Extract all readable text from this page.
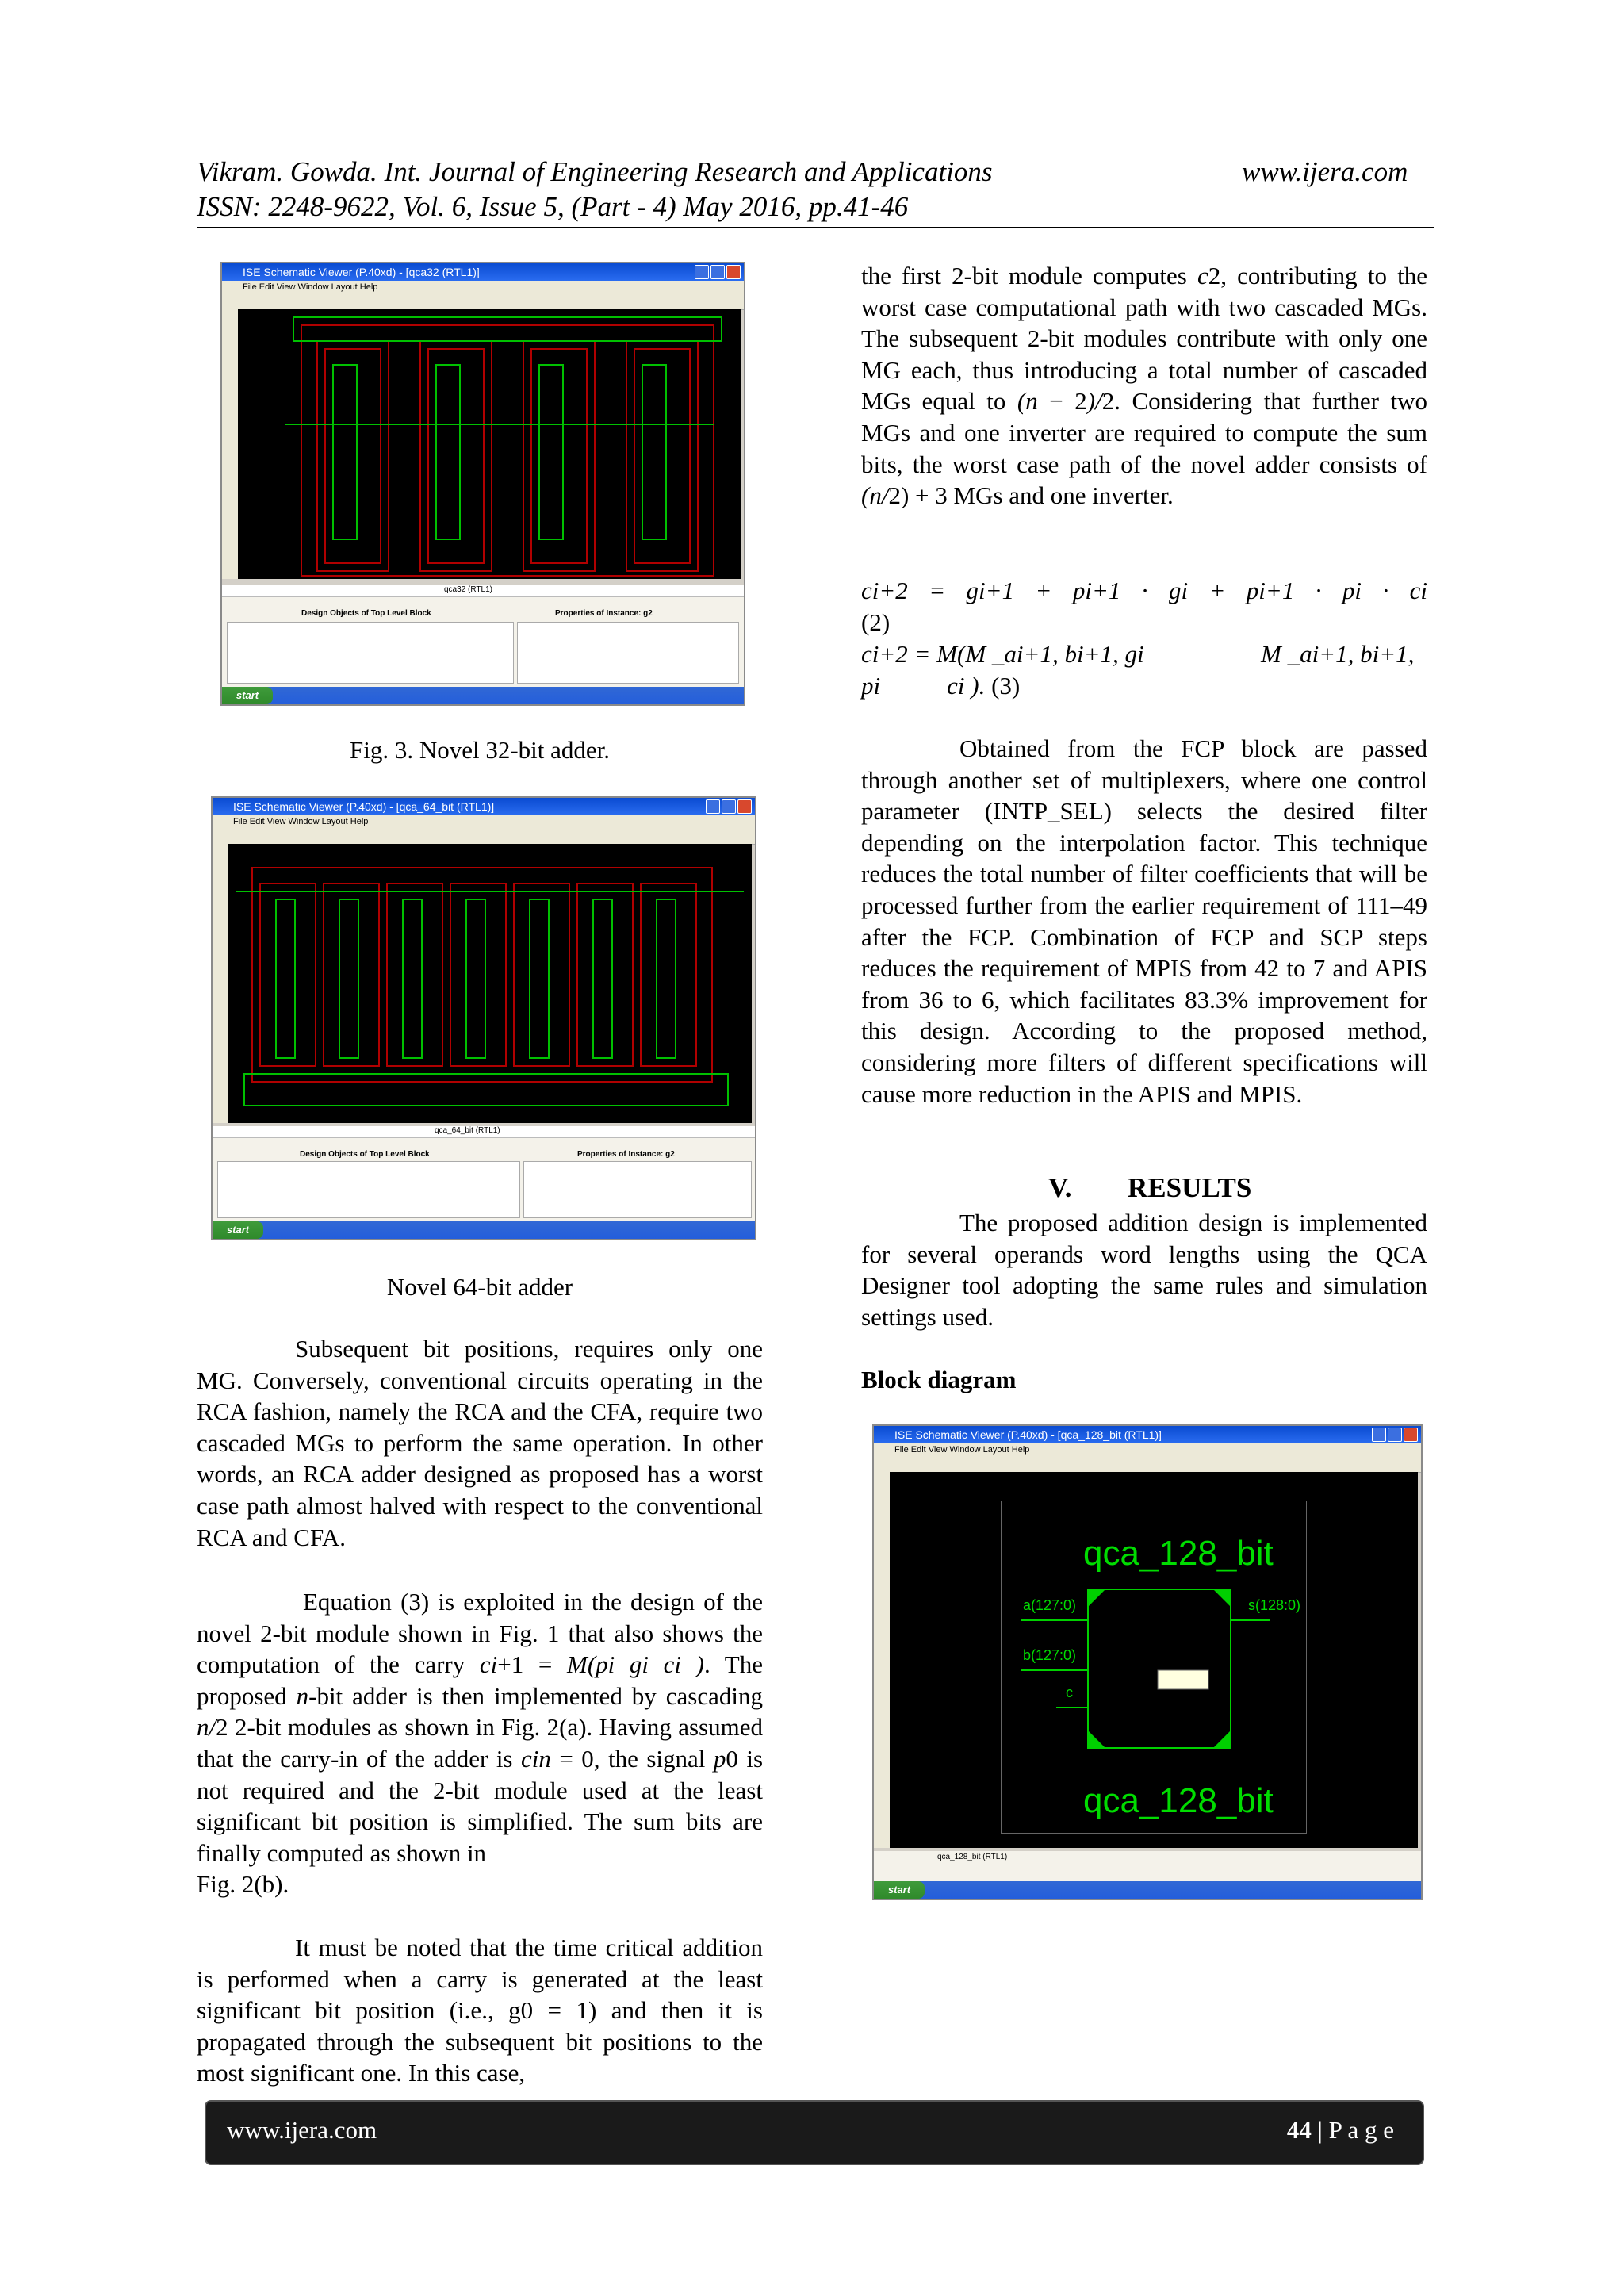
Vikram. Gowda. Int. Journal of Engineering Research and Applications	www.ijera.com
ISSN: 2248-9622, Vol. 6, Issue 5, (Part - 4) May 2016, pp.41-46
ISE Schematic Viewer (P.40xd) - [qca32 (RTL1)]
File Edit View Window Layout Help
qca32 (RTL1)
Design Objects of Top Level Block	Properties of Instance: g2
start
Fig. 3. Novel 32-bit adder.
ISE Schematic Viewer (P.40xd) - [qca_64_bit (RTL1)]
File Edit View Window Layout Help
qca_64_bit (RTL1)
Design Objects of Top Level Block	Properties of Instance: g2
start
Novel 64-bit adder

Subsequent bit positions, requires only one MG. Conversely, conventional circuits operating in the RCA fashion, namely the RCA and the CFA, require two cascaded MGs to perform the same operation. In other words, an RCA adder designed as proposed has a worst case path almost halved with respect to the conventional RCA and CFA.

Equation (3) is exploited in the design of the novel 2-bit module shown in Fig. 1 that also shows the computation of the carry ci+1 = M(pi gi ci ). The proposed n-bit adder is then implemented by cascading n/2 2-bit modules as shown in Fig. 2(a). Having assumed that the carry-in of the adder is cin = 0, the signal p0 is not required and the 2-bit module used at the least significant bit position is simplified. The sum bits are finally computed as shown in
Fig. 2(b).

It must be noted that the time critical addition is performed when a carry is generated at the least significant bit position (i.e., g0 = 1) and then it is propagated through the subsequent bit positions to the most significant one. In this case,

the first 2-bit module computes c2, contributing to the worst case computational path with two cascaded MGs. The subsequent 2-bit modules contribute with only one MG each, thus introducing a total number of cascaded MGs equal to (n − 2)/2. Considering that further two MGs and one inverter are required to compute the sum bits, the worst case path of the novel adder consists of (n/2) + 3 MGs and one inverter.

ci+2 = gi+1 + pi+1 · gi + pi+1 · pi · ci
(2)
ci+2 = M(M _ai+1, bi+1, gi	M _ai+1, bi+1,
pi	ci ). (3)

Obtained from the FCP block are passed through another set of multiplexers, where one control parameter (INTP_SEL) selects the desired filter depending on the interpolation factor. This technique reduces the total number of filter coefficients that will be processed further from the earlier requirement of 111–49 after the FCP. Combination of FCP and SCP steps reduces the requirement of MPIS from 42 to 7 and APIS from 36 to 6, which facilitates 83.3% improvement for this design. According to the proposed method, considering more filters of different specifications will cause more reduction in the APIS and MPIS.

V. RESULTS

The proposed addition design is implemented for several operands word lengths using the QCA Designer tool adopting the same rules and simulation settings used.

Block diagram
ISE Schematic Viewer (P.40xd) - [qca_128_bit (RTL1)]
File Edit View Window Layout Help
qca_128_bit
qca_128_bit
a(127:0)
b(127:0)
c
s(128:0)
qca_128_bit (RTL1)
start
www.ijera.com	44 | P a g e
